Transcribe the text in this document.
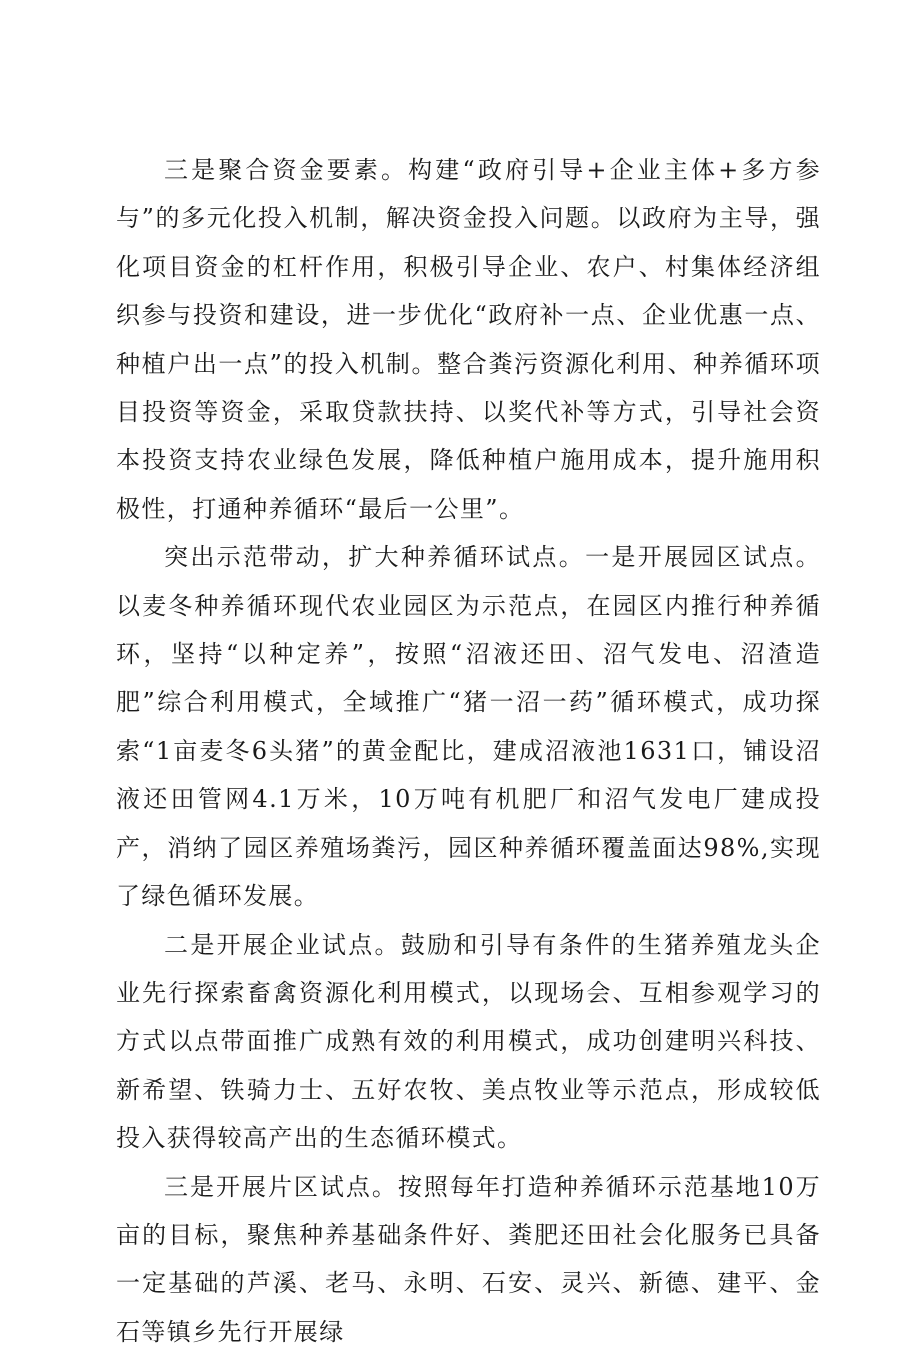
三是聚合资金要素。构建“政府引导+企业主体+多方参与”的多元化投入机制，解决资金投入问题。以政府为主导，强化项目资金的杠杆作用，积极引导企业、农户、村集体经济组织参与投资和建设，进一步优化“政府补一点、企业优惠一点、种植户出一点”的投入机制。整合粪污资源化利用、种养循环项目投资等资金，采取贷款扶持、以奖代补等方式，引导社会资本投资支持农业绿色发展，降低种植户施用成本，提升施用积极性，打通种养循环“最后一公里”。

突出示范带动，扩大种养循环试点。一是开展园区试点。以麦冬种养循环现代农业园区为示范点，在园区内推行种养循环，坚持“以种定养”，按照“沼液还田、沼气发电、沼渣造肥”综合利用模式，全域推广“猪一沼一药”循环模式，成功探索“1亩麦冬6头猪”的黄金配比，建成沼液池1631口，铺设沼液还田管网4.1万米，10万吨有机肥厂和沼气发电厂建成投产，消纳了园区养殖场粪污，园区种养循环覆盖面达98%,实现了绿色循环发展。

二是开展企业试点。鼓励和引导有条件的生猪养殖龙头企业先行探索畜禽资源化利用模式，以现场会、互相参观学习的方式以点带面推广成熟有效的利用模式，成功创建明兴科技、新希望、铁骑力士、五好农牧、美点牧业等示范点，形成较低投入获得较高产出的生态循环模式。

三是开展片区试点。按照每年打造种养循环示范基地10万亩的目标，聚焦种养基础条件好、粪肥还田社会化服务已具备一定基础的芦溪、老马、永明、石安、灵兴、新德、建平、金石等镇乡先行开展绿
